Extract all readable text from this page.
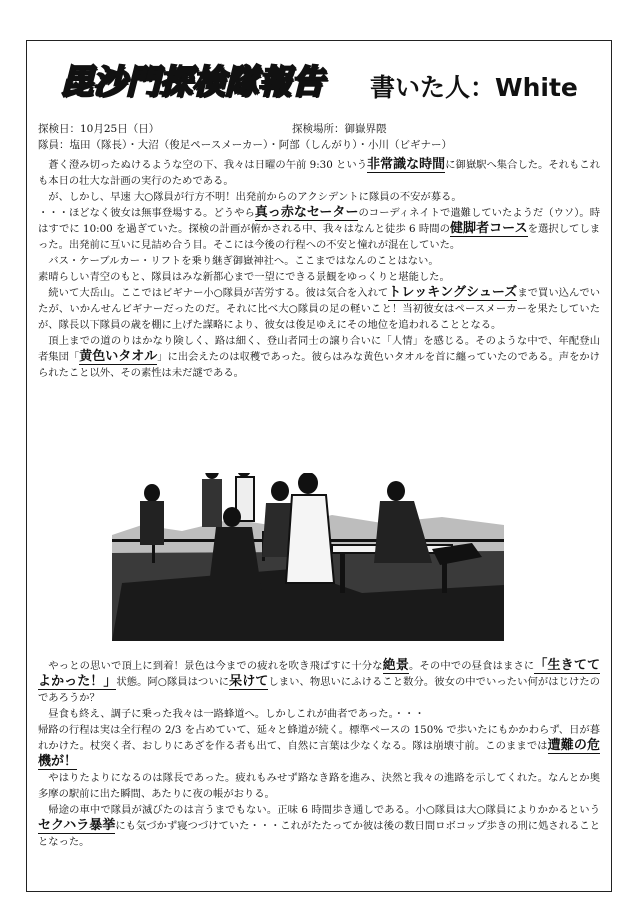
毘沙門探検隊報告	書いた人：White
探検日：10月25日（日）	探検場所：御嶽界隈
隊員：塩田（隊長）・大沼（俊足ペースメーカー）・阿部（しんがり）・小川（ビギナー）

蒼く澄み切ったぬけるような空の下、我々は日曜の午前 9:30 という非常識な時間に御嶽駅へ集合した。それもこれも本日の壮大な計画の実行のためである。

が、しかし、早速 大○隊員が行方不明！出発前からのアクシデントに隊員の不安が募る。

・・・ほどなく彼女は無事登場する。どうやら真っ赤なセーターのコーディネイトで遣難していたようだ（ウソ）。時はすでに 10:00 を過ぎていた。探検の計画が俯かされる中、我々はなんと徒歩 6 時間の健脚者コースを選択してしまった。出発前に互いに見詰め合う目。そこには今後の行程への不安と憧れが混在していた。

バス・ケーブルカー・リフトを乗り継ぎ御嶽神社へ。ここまではなんのことはない。

素晴らしい青空のもと、隊員はみな新都心まで一望にできる景観をゆっくりと堪能した。

続いて大岳山。ここではビギナー小○隊員が苦労する。彼は気合を入れてトレッキングシューズまで買い込んでいたが、いかんせんビギナーだったのだ。それに比べ大○隊員の足の軽いこと！当初彼女はペースメーカーを果たしていたが、隊長以下隊員の歳を棚に上げた謀略により、彼女は俊足ゆえにその地位を追われることとなる。

頂上までの道のりはかなり険しく、路は細く、登山者同士の譲り合いに「人情」を感じる。そのような中で、年配登山者集団「黄色いタオル」に出会えたのは収穫であった。彼らはみな黄色いタオルを首に纏っていたのである。声をかけられたこと以外、その素性は未だ謎である。

やっとの思いで頂上に到着！景色は今までの疲れを吹き飛ばすに十分な絶景。その中での昼食はまさに「生きててよかった！」状態。阿○隊員はついに呆けてしまい、物思いにふけること数分。彼女の中でいったい何がはじけたのであろうか？

昼食も終え、調子に乗った我々は一路蜂道へ。しかしこれが曲者であった。・・・

帰路の行程は実は全行程の 2/3 を占めていて、延々と蜂道が続く。標準ペースの 150% で歩いたにもかかわらず、日が暮れかけた。杖突く者、おしりにあざを作る者も出て、自然に言葉は少なくなる。隊は崩壊寸前。このままでは遭難の危機が！

やはりたよりになるのは隊長であった。疲れもみせず路なき路を進み、決然と我々の進路を示してくれた。なんとか奥多摩の駅前に出た瞬間、あたりに夜の帳がおりる。

帰途の車中で隊員が滅びたのは言うまでもない。正味 6 時間歩き通しである。小○隊員は大○隊員によりかかるというセクハラ暴挙にも気づかず寝つづけていた・・・これがたたってか彼は後の数日間ロボコップ歩きの刑に処されることとなった。
